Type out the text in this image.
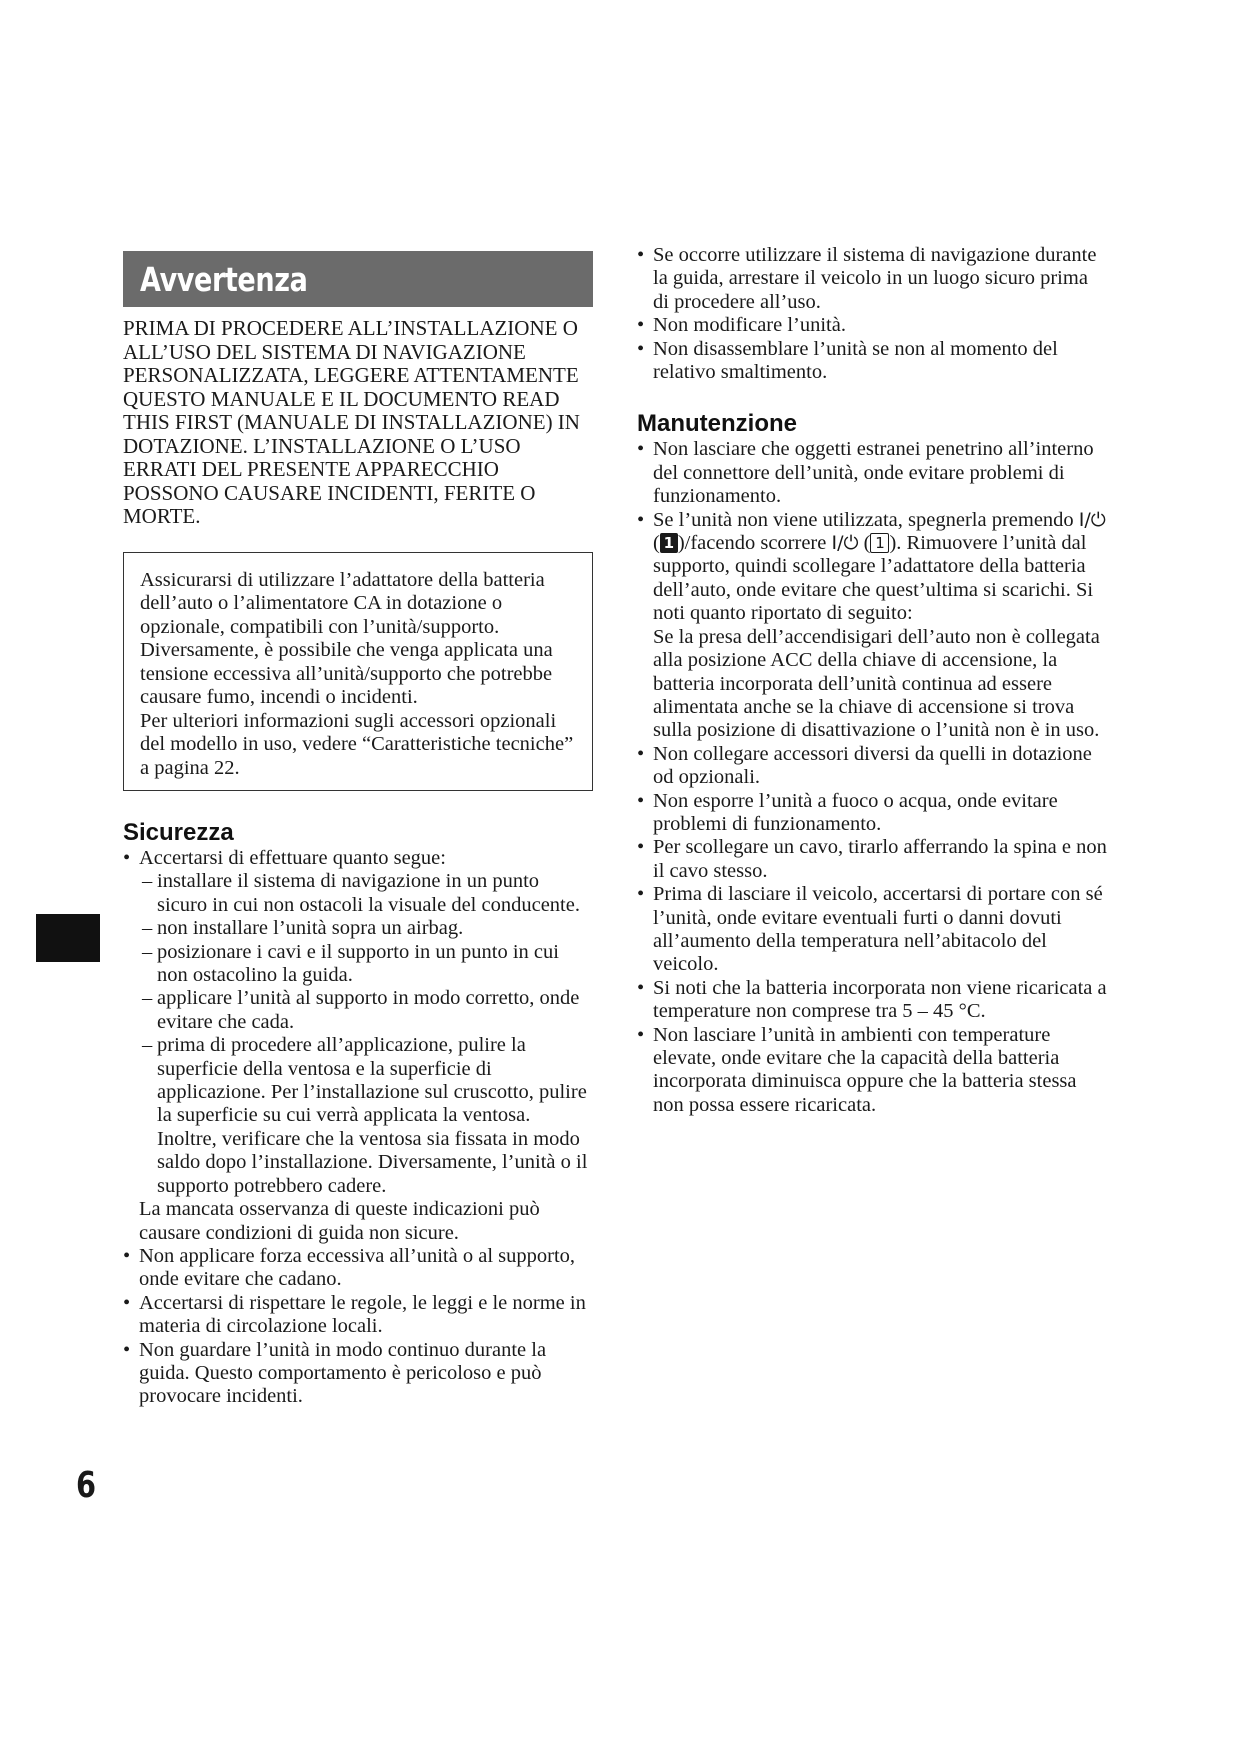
Avvertenza

PRIMA DI PROCEDERE ALL’INSTALLAZIONE O ALL’USO DEL SISTEMA DI NAVIGAZIONE PERSONALIZZATA, LEGGERE ATTENTAMENTE QUESTO MANUALE E IL DOCUMENTO READ THIS FIRST (MANUALE DI INSTALLAZIONE) IN DOTAZIONE. L’INSTALLAZIONE O L’USO ERRATI DEL PRESENTE APPARECCHIO POSSONO CAUSARE INCIDENTI, FERITE O MORTE.

Assicurarsi di utilizzare l’adattatore della batteria dell’auto o l’alimentatore CA in dotazione o opzionale, compatibili con l’unità/supporto. Diversamente, è possibile che venga applicata una tensione eccessiva all’unità/supporto che potrebbe causare fumo, incendi o incidenti.

Per ulteriori informazioni sugli accessori opzionali del modello in uso, vedere “Caratteristiche tecniche” a pagina 22.

Sicurezza
• Accertarsi di effettuare quanto segue:
– installare il sistema di navigazione in un punto sicuro in cui non ostacoli la visuale del conducente.
– non installare l’unità sopra un airbag.
– posizionare i cavi e il supporto in un punto in cui non ostacolino la guida.
– applicare l’unità al supporto in modo corretto, onde evitare che cada.
– prima di procedere all’applicazione, pulire la superficie della ventosa e la superficie di applicazione. Per l’installazione sul cruscotto, pulire la superficie su cui verrà applicata la ventosa. Inoltre, verificare che la ventosa sia fissata in modo saldo dopo l’installazione. Diversamente, l’unità o il supporto potrebbero cadere.

La mancata osservanza di queste indicazioni può causare condizioni di guida non sicure.

• Non applicare forza eccessiva all’unità o al supporto, onde evitare che cadano.
• Accertarsi di rispettare le regole, le leggi e le norme in materia di circolazione locali.
• Non guardare l’unità in modo continuo durante la guida. Questo comportamento è pericoloso e può provocare incidenti.
• Se occorre utilizzare il sistema di navigazione durante la guida, arrestare il veicolo in un luogo sicuro prima di procedere all’uso.
• Non modificare l’unità.
• Non disassemblare l’unità se non al momento del relativo smaltimento.
Manutenzione
• Non lasciare che oggetti estranei penetrino all’interno del connettore dell’unità, onde evitare problemi di funzionamento.
• Se l’unità non viene utilizzata, spegnerla premendo I/⏻ ( 1 )/facendo scorrere I/⏻ ( 1 ). Rimuovere l’unità dal supporto, quindi scollegare l’adattatore della batteria dell’auto, onde evitare che quest’ultima si scarichi. Si noti quanto riportato di seguito:
Se la presa dell’accendisigari dell’auto non è collegata alla posizione ACC della chiave di accensione, la batteria incorporata dell’unità continua ad essere alimentata anche se la chiave di accensione si trova sulla posizione di disattivazione o l’unità non è in uso.
• Non collegare accessori diversi da quelli in dotazione od opzionali.
• Non esporre l’unità a fuoco o acqua, onde evitare problemi di funzionamento.
• Per scollegare un cavo, tirarlo afferrando la spina e non il cavo stesso.
• Prima di lasciare il veicolo, accertarsi di portare con sé l’unità, onde evitare eventuali furti o danni dovuti all’aumento della temperatura nell’abitacolo del veicolo.
• Si noti che la batteria incorporata non viene ricaricata a temperature non comprese tra 5 – 45 °C.
• Non lasciare l’unità in ambienti con temperature elevate, onde evitare che la capacità della batteria incorporata diminuisca oppure che la batteria stessa non possa essere ricaricata.
6
